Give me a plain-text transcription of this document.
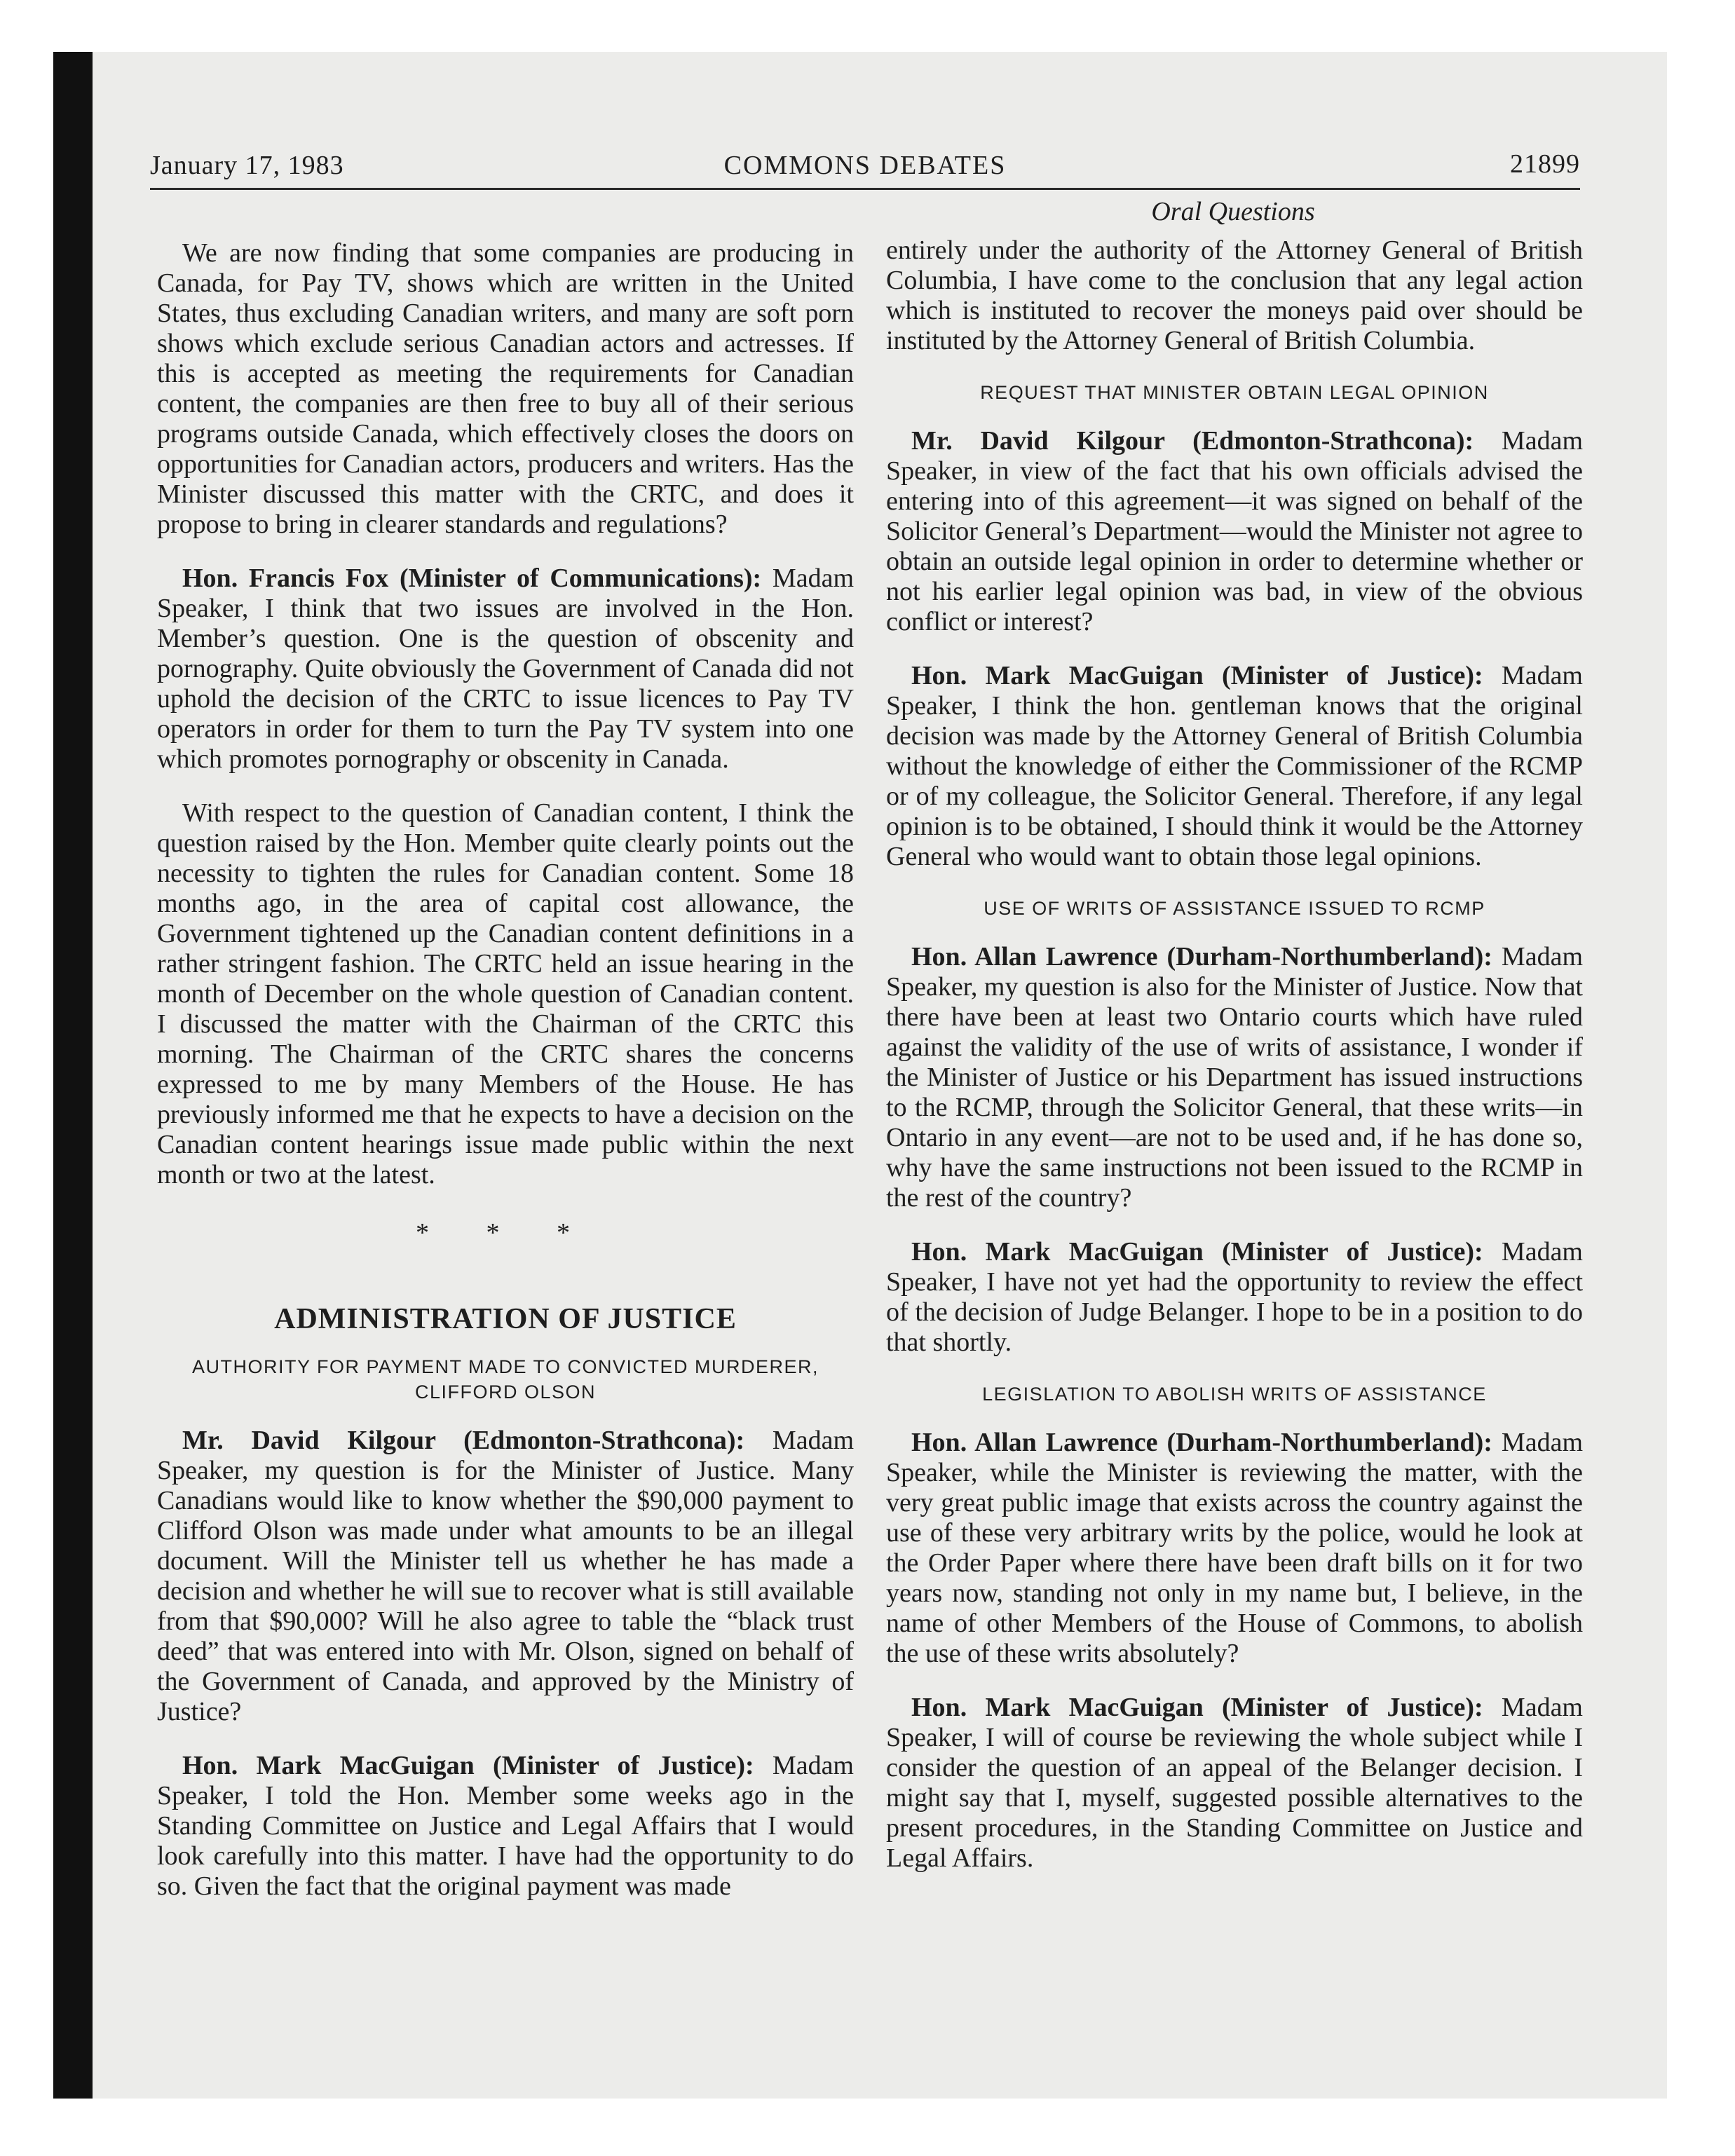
January 17, 1983	COMMONS DEBATES	21899
Oral Questions

We are now finding that some companies are producing in Canada, for Pay TV, shows which are written in the United States, thus excluding Canadian writers, and many are soft porn shows which exclude serious Canadian actors and actresses. If this is accepted as meeting the requirements for Canadian content, the companies are then free to buy all of their serious programs outside Canada, which effectively closes the doors on opportunities for Canadian actors, producers and writers. Has the Minister discussed this matter with the CRTC, and does it propose to bring in clearer standards and regulations?

Hon. Francis Fox (Minister of Communications): Madam Speaker, I think that two issues are involved in the Hon. Member’s question. One is the question of obscenity and pornography. Quite obviously the Government of Canada did not uphold the decision of the CRTC to issue licences to Pay TV operators in order for them to turn the Pay TV system into one which promotes pornography or obscenity in Canada.

With respect to the question of Canadian content, I think the question raised by the Hon. Member quite clearly points out the necessity to tighten the rules for Canadian content. Some 18 months ago, in the area of capital cost allowance, the Government tightened up the Canadian content definitions in a rather stringent fashion. The CRTC held an issue hearing in the month of December on the whole question of Canadian content. I discussed the matter with the Chairman of the CRTC this morning. The Chairman of the CRTC shares the concerns expressed to me by many Members of the House. He has previously informed me that he expects to have a decision on the Canadian content hearings issue made public within the next month or two at the latest.

* * *
ADMINISTRATION OF JUSTICE
AUTHORITY FOR PAYMENT MADE TO CONVICTED MURDERER, CLIFFORD OLSON

Mr. David Kilgour (Edmonton-Strathcona): Madam Speaker, my question is for the Minister of Justice. Many Canadians would like to know whether the $90,000 payment to Clifford Olson was made under what amounts to be an illegal document. Will the Minister tell us whether he has made a decision and whether he will sue to recover what is still available from that $90,000? Will he also agree to table the “black trust deed” that was entered into with Mr. Olson, signed on behalf of the Government of Canada, and approved by the Ministry of Justice?

Hon. Mark MacGuigan (Minister of Justice): Madam Speaker, I told the Hon. Member some weeks ago in the Standing Committee on Justice and Legal Affairs that I would look carefully into this matter. I have had the opportunity to do so. Given the fact that the original payment was made

entirely under the authority of the Attorney General of British Columbia, I have come to the conclusion that any legal action which is instituted to recover the moneys paid over should be instituted by the Attorney General of British Columbia.

REQUEST THAT MINISTER OBTAIN LEGAL OPINION

Mr. David Kilgour (Edmonton-Strathcona): Madam Speaker, in view of the fact that his own officials advised the entering into of this agreement—it was signed on behalf of the Solicitor General’s Department—would the Minister not agree to obtain an outside legal opinion in order to determine whether or not his earlier legal opinion was bad, in view of the obvious conflict or interest?

Hon. Mark MacGuigan (Minister of Justice): Madam Speaker, I think the hon. gentleman knows that the original decision was made by the Attorney General of British Columbia without the knowledge of either the Commissioner of the RCMP or of my colleague, the Solicitor General. Therefore, if any legal opinion is to be obtained, I should think it would be the Attorney General who would want to obtain those legal opinions.

USE OF WRITS OF ASSISTANCE ISSUED TO RCMP

Hon. Allan Lawrence (Durham-Northumberland): Madam Speaker, my question is also for the Minister of Justice. Now that there have been at least two Ontario courts which have ruled against the validity of the use of writs of assistance, I wonder if the Minister of Justice or his Department has issued instructions to the RCMP, through the Solicitor General, that these writs—in Ontario in any event—are not to be used and, if he has done so, why have the same instructions not been issued to the RCMP in the rest of the country?

Hon. Mark MacGuigan (Minister of Justice): Madam Speaker, I have not yet had the opportunity to review the effect of the decision of Judge Belanger. I hope to be in a position to do that shortly.

LEGISLATION TO ABOLISH WRITS OF ASSISTANCE

Hon. Allan Lawrence (Durham-Northumberland): Madam Speaker, while the Minister is reviewing the matter, with the very great public image that exists across the country against the use of these very arbitrary writs by the police, would he look at the Order Paper where there have been draft bills on it for two years now, standing not only in my name but, I believe, in the name of other Members of the House of Commons, to abolish the use of these writs absolutely?

Hon. Mark MacGuigan (Minister of Justice): Madam Speaker, I will of course be reviewing the whole subject while I consider the question of an appeal of the Belanger decision. I might say that I, myself, suggested possible alternatives to the present procedures, in the Standing Committee on Justice and Legal Affairs.
